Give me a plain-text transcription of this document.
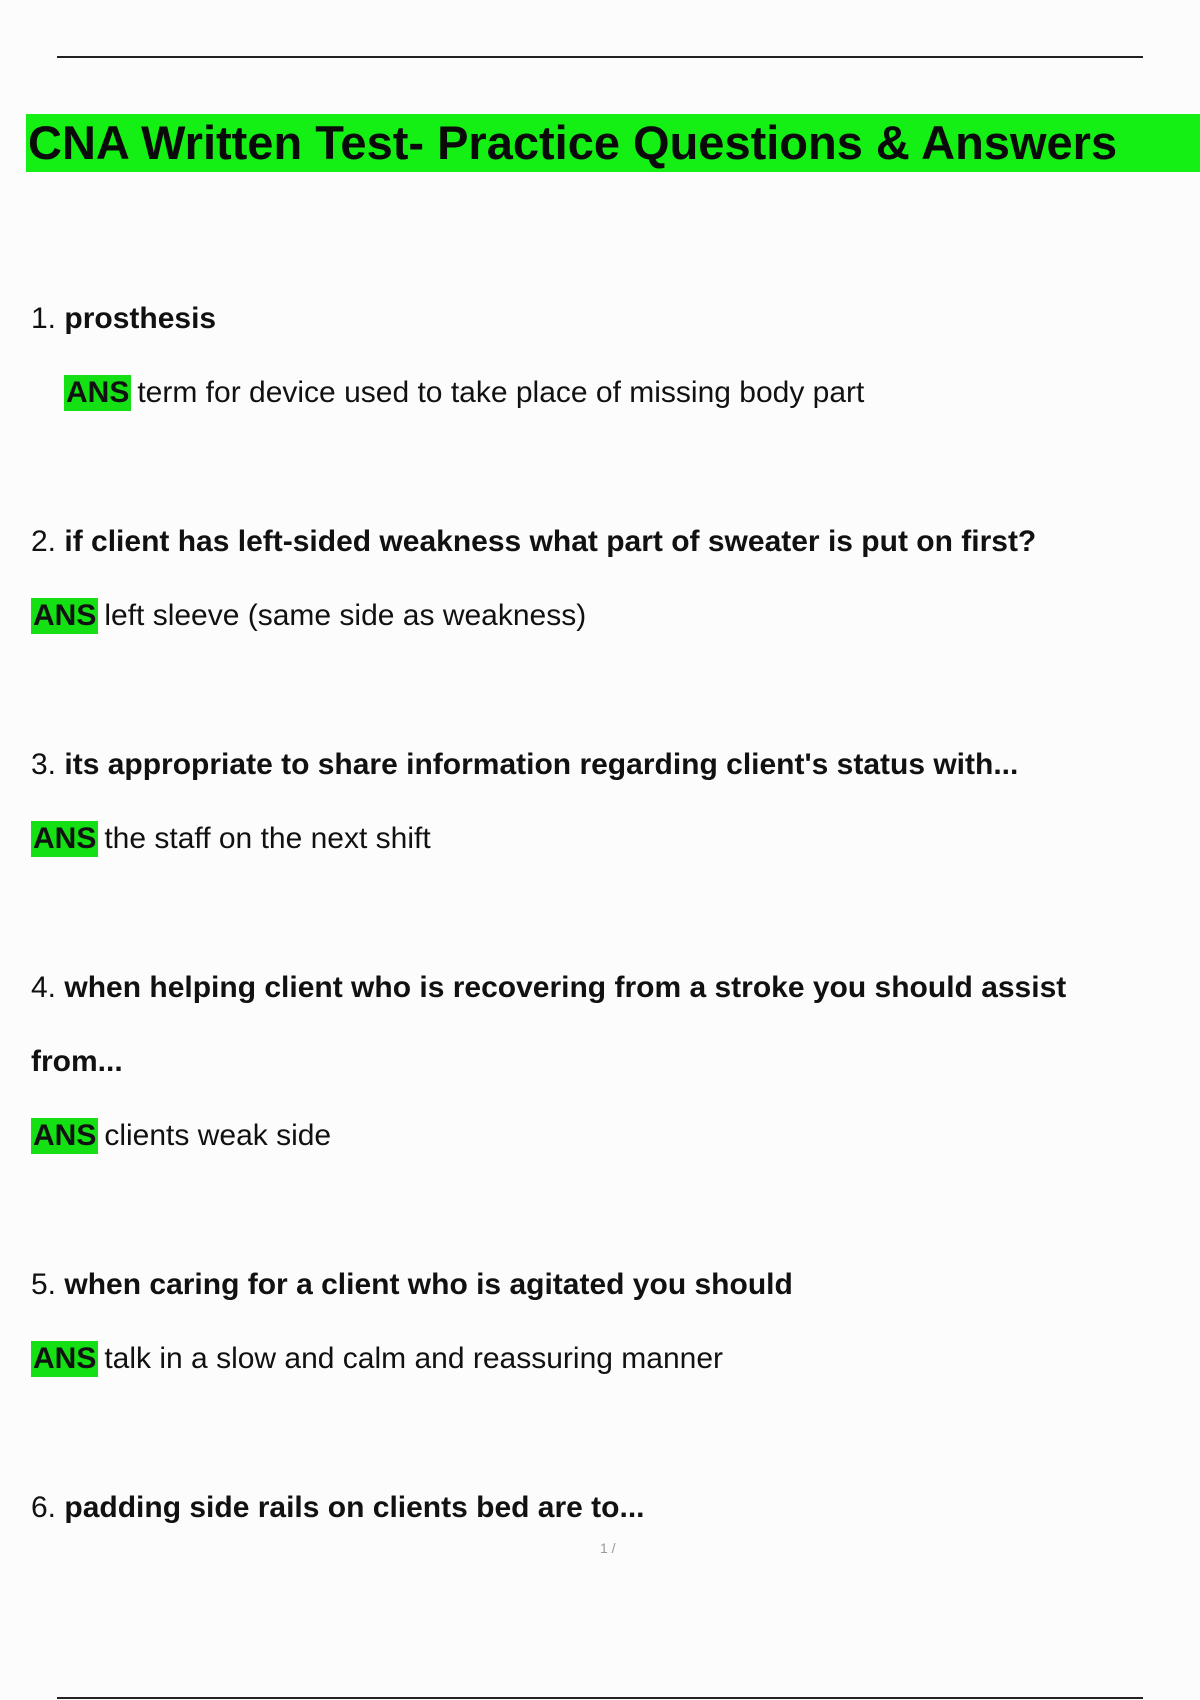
CNA Written Test- Practice Questions & Answers
1. prosthesis
ANS term for device used to take place of missing body part
2. if client has left-sided weakness what part of sweater is put on first?
ANS left sleeve (same side as weakness)
3. its appropriate to share information regarding client's status with...
ANS the staff on the next shift
4. when helping client who is recovering from a stroke you should assist
from...
ANS clients weak side
5. when caring for a client who is agitated you should
ANS talk in a slow and calm and reassuring manner
6. padding side rails on clients bed are to...
1 /
